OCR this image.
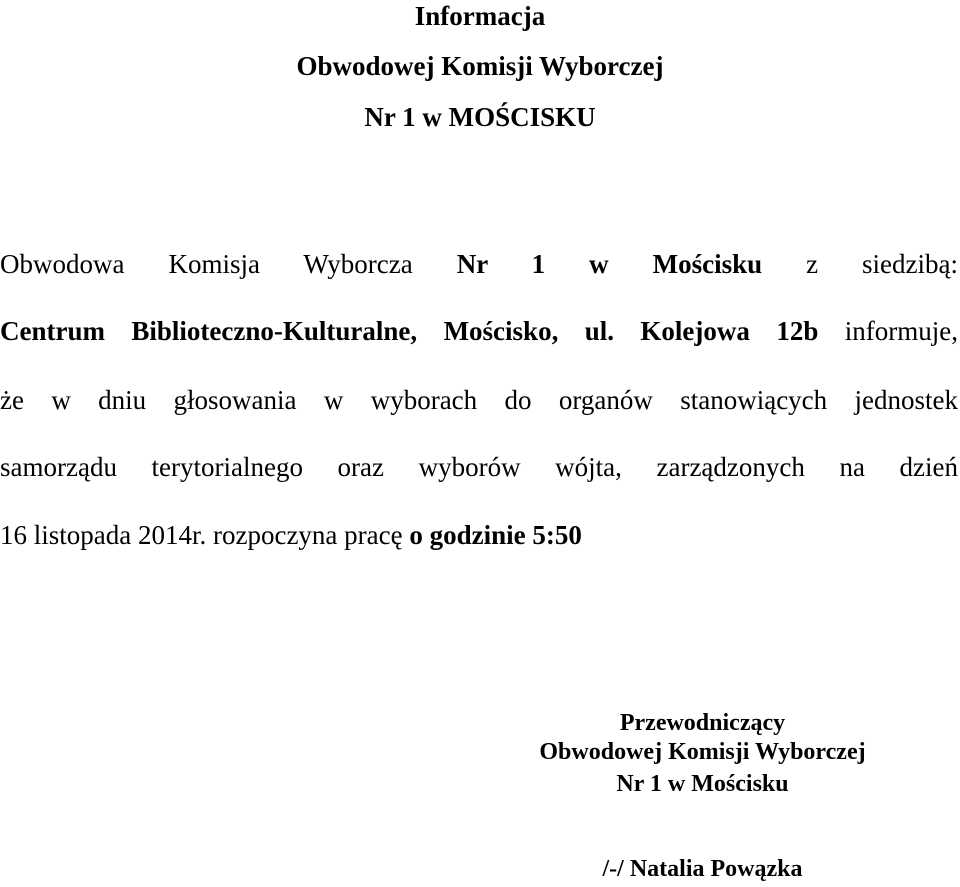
Informacja
Obwodowej Komisji Wyborczej
Nr 1 w MOŚCISKU
Obwodowa Komisja Wyborcza Nr 1 w Mościsku z siedzibą:
Centrum Biblioteczno-Kulturalne, Mościsko, ul. Kolejowa 12b informuje,
że w dniu głosowania w wyborach do organów stanowiących jednostek
samorządu terytorialnego oraz wyborów wójta, zarządzonych na dzień
16 listopada 2014r. rozpoczyna pracę o godzinie 5:50
Przewodniczący
Obwodowej Komisji Wyborczej
Nr 1 w Mościsku
/-/ Natalia Powązka
